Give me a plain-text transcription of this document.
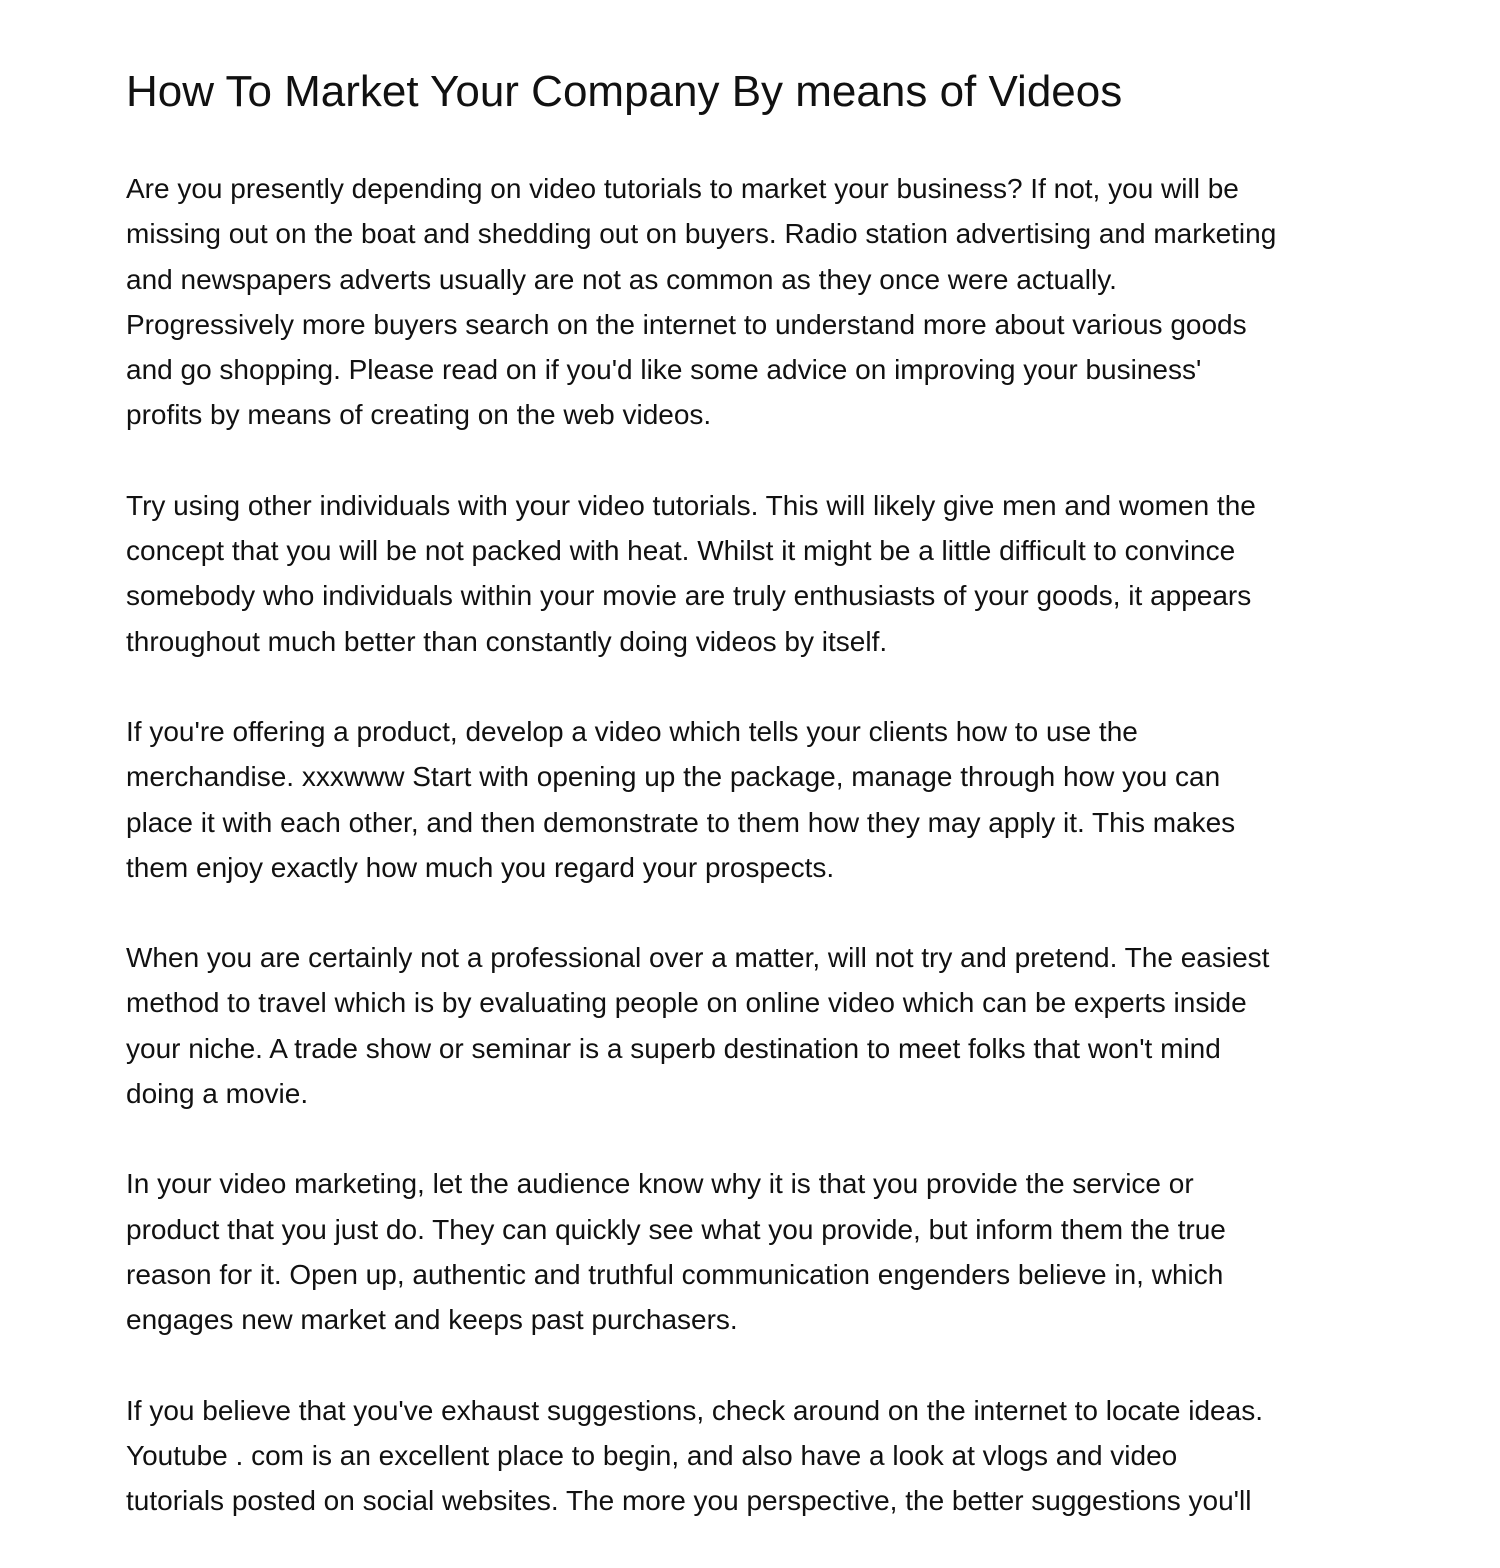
How To Market Your Company By means of Videos
Are you presently depending on video tutorials to market your business? If not, you will be
missing out on the boat and shedding out on buyers. Radio station advertising and marketing
and newspapers adverts usually are not as common as they once were actually.
Progressively more buyers search on the internet to understand more about various goods
and go shopping. Please read on if you'd like some advice on improving your business'
profits by means of creating on the web videos.
Try using other individuals with your video tutorials. This will likely give men and women the
concept that you will be not packed with heat. Whilst it might be a little difficult to convince
somebody who individuals within your movie are truly enthusiasts of your goods, it appears
throughout much better than constantly doing videos by itself.
If you're offering a product, develop a video which tells your clients how to use the
merchandise. xxxwww Start with opening up the package, manage through how you can
place it with each other, and then demonstrate to them how they may apply it. This makes
them enjoy exactly how much you regard your prospects.
When you are certainly not a professional over a matter, will not try and pretend. The easiest
method to travel which is by evaluating people on online video which can be experts inside
your niche. A trade show or seminar is a superb destination to meet folks that won't mind
doing a movie.
In your video marketing, let the audience know why it is that you provide the service or
product that you just do. They can quickly see what you provide, but inform them the true
reason for it. Open up, authentic and truthful communication engenders believe in, which
engages new market and keeps past purchasers.
If you believe that you've exhaust suggestions, check around on the internet to locate ideas.
Youtube . com is an excellent place to begin, and also have a look at vlogs and video
tutorials posted on social websites. The more you perspective, the better suggestions you'll
